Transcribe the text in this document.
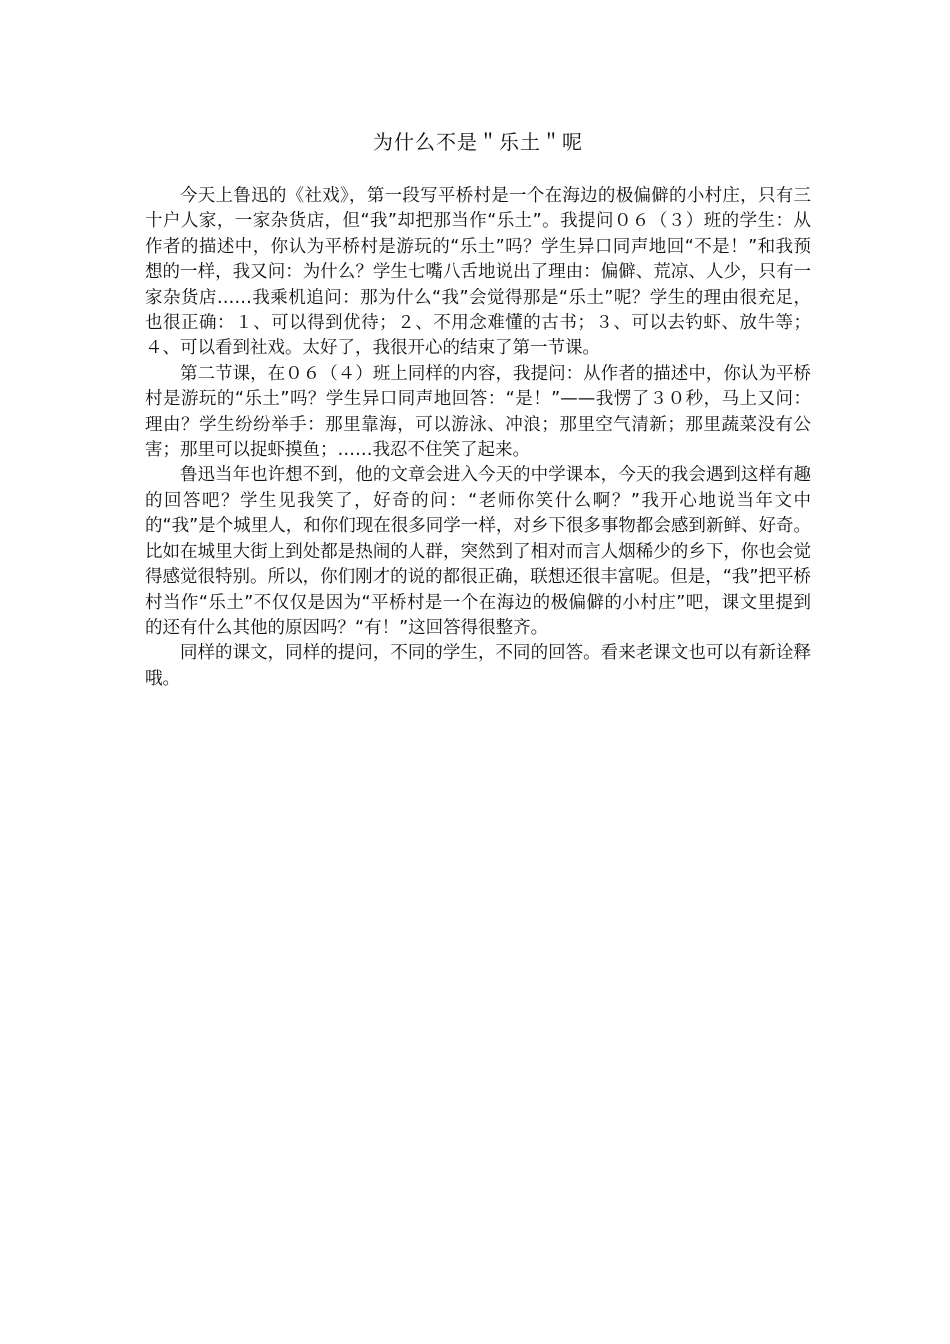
为什么不是＂乐土＂呢

今天上鲁迅的《社戏》，第一段写平桥村是一个在海边的极偏僻的小村庄，只有三十户人家，一家杂货店，但“我”却把那当作“乐土”。我提问０６（３）班的学生：从作者的描述中，你认为平桥村是游玩的“乐土”吗？学生异口同声地回“不是！”和我预想的一样，我又问：为什么？学生七嘴八舌地说出了理由：偏僻、荒凉、人少，只有一家杂货店……我乘机追问：那为什么“我”会觉得那是“乐土”呢？学生的理由很充足，也很正确：１、可以得到优待；２、不用念难懂的古书；３、可以去钓虾、放牛等；４、可以看到社戏。太好了，我很开心的结束了第一节课。

第二节课，在０６（４）班上同样的内容，我提问：从作者的描述中，你认为平桥村是游玩的“乐土”吗？学生异口同声地回答：“是！”——我愣了３０秒，马上又问：理由？学生纷纷举手：那里靠海，可以游泳、冲浪；那里空气清新；那里蔬菜没有公害；那里可以捉虾摸鱼；……我忍不住笑了起来。

鲁迅当年也许想不到，他的文章会进入今天的中学课本，今天的我会遇到这样有趣的回答吧？学生见我笑了，好奇的问：“老师你笑什么啊？”我开心地说当年文中的“我”是个城里人，和你们现在很多同学一样，对乡下很多事物都会感到新鲜、好奇。比如在城里大街上到处都是热闹的人群，突然到了相对而言人烟稀少的乡下，你也会觉得感觉很特别。所以，你们刚才的说的都很正确，联想还很丰富呢。但是，“我”把平桥村当作“乐土”不仅仅是因为“平桥村是一个在海边的极偏僻的小村庄”吧，课文里提到的还有什么其他的原因吗？“有！”这回答得很整齐。

同样的课文，同样的提问，不同的学生，不同的回答。看来老课文也可以有新诠释哦。
